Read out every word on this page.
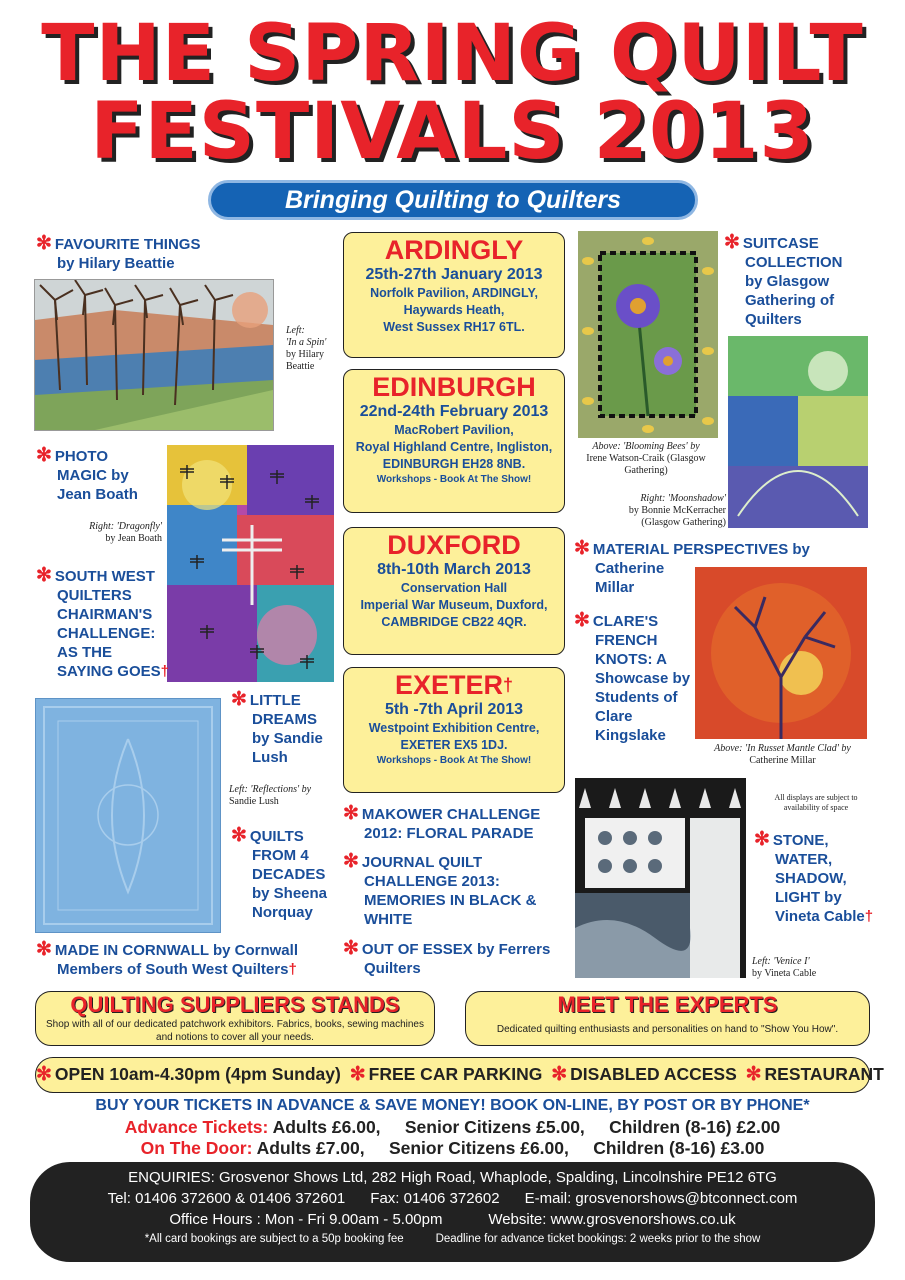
THE SPRING QUILT
FESTIVALS 2013
Bringing Quilting to Quilters
ARDINGLY
25th-27th January 2013
Norfolk Pavilion, ARDINGLY,
Haywards Heath,
West Sussex RH17 6TL.
EDINBURGH
22nd-24th February 2013
MacRobert Pavilion,
Royal Highland Centre, Ingliston,
EDINBURGH EH28 8NB.
Workshops - Book At The Show!
DUXFORD
8th-10th March 2013
Conservation Hall
Imperial War Museum, Duxford,
CAMBRIDGE CB22 4QR.
EXETER†
5th -7th April 2013
Westpoint Exhibition Centre,
EXETER EX5 1DJ.
Workshops - Book At The Show!
✻ FAVOURITE THINGS
by Hilary Beattie
Left:
'In a Spin'
by Hilary
Beattie
✻ PHOTO
MAGIC by
Jean Boath
Right: 'Dragonfly'
by Jean Boath
✻ SOUTH WEST
QUILTERS
CHAIRMAN'S
CHALLENGE:
AS THE
SAYING GOES†
✻ LITTLE
DREAMS
by Sandie
Lush
Left: 'Reflections' by
Sandie Lush
✻ QUILTS
FROM 4
DECADES
by Sheena
Norquay
✻ MADE IN CORNWALL by Cornwall
Members of South West Quilters†
✻ MAKOWER CHALLENGE
2012: FLORAL PARADE
✻ JOURNAL QUILT
CHALLENGE 2013:
MEMORIES IN BLACK &
WHITE
✻ OUT OF ESSEX by Ferrers
Quilters
✻ SUITCASE
COLLECTION
by Glasgow
Gathering of
Quilters
Above: 'Blooming Bees' by
Irene Watson-Craik (Glasgow
Gathering)
Right: 'Moonshadow'
by Bonnie McKerracher
(Glasgow Gathering)
✻ MATERIAL PERSPECTIVES by
Catherine
Millar
✻ CLARE'S
FRENCH
KNOTS: A
Showcase by
Students of
Clare
Kingslake
Above: 'In Russet Mantle Clad' by
Catherine Millar
All displays are subject to
availability of space
✻ STONE,
WATER,
SHADOW,
LIGHT by
Vineta Cable†
Left: 'Venice I'
by Vineta Cable
QUILTING SUPPLIERS STANDS
Shop with all of our dedicated patchwork exhibitors. Fabrics, books, sewing machines
and notions to cover all your needs.
MEET THE EXPERTS
Dedicated quilting enthusiasts and personalities on hand to "Show You How".
✻ OPEN 10am-4.30pm (4pm Sunday) ✻ FREE CAR PARKING ✻ DISABLED ACCESS ✻ RESTAURANT
BUY YOUR TICKETS IN ADVANCE & SAVE MONEY! BOOK ON-LINE, BY POST OR BY PHONE*
Advance Tickets: Adults £6.00, Senior Citizens £5.00, Children (8-16) £2.00
On The Door: Adults £7.00, Senior Citizens £6.00, Children (8-16) £3.00
ENQUIRIES: Grosvenor Shows Ltd, 282 High Road, Whaplode, Spalding, Lincolnshire PE12 6TG
Tel: 01406 372600 & 01406 372601 Fax: 01406 372602 E-mail: grosvenorshows@btconnect.com
Office Hours : Mon - Fri 9.00am - 5.00pm	Website: www.grosvenorshows.co.uk
*All card bookings are subject to a 50p booking fee	Deadline for advance ticket bookings: 2 weeks prior to the show
